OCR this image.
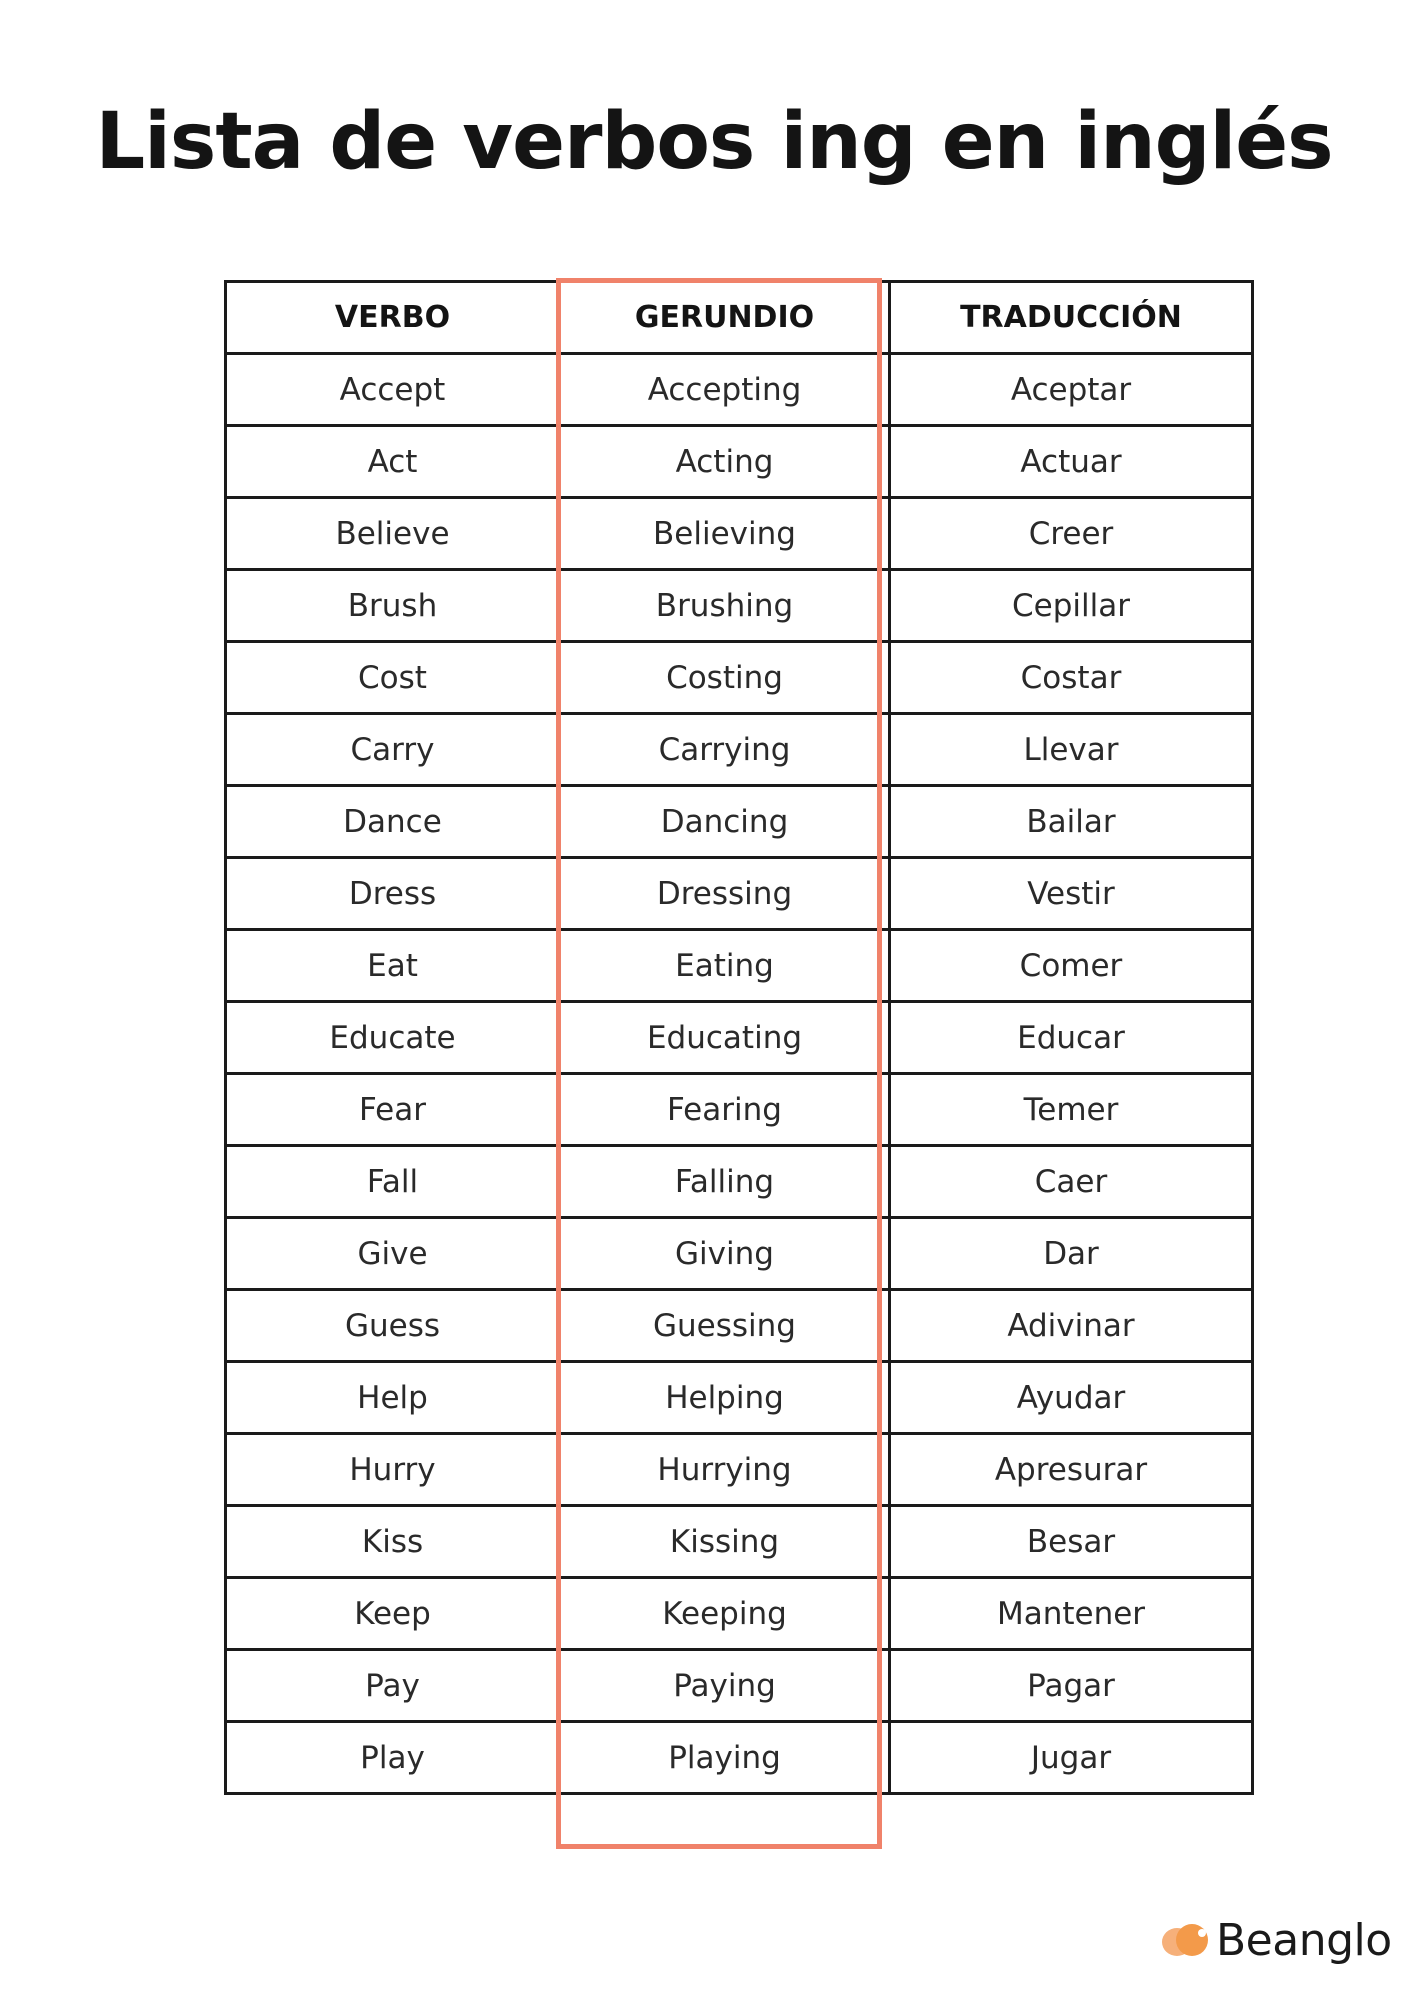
Lista de verbos ing en inglés
VERBO	GERUNDIO	TRADUCCIÓN
Accept	Accepting	Aceptar
Act	Acting	Actuar
Believe	Believing	Creer
Brush	Brushing	Cepillar
Cost	Costing	Costar
Carry	Carrying	Llevar
Dance	Dancing	Bailar
Dress	Dressing	Vestir
Eat	Eating	Comer
Educate	Educating	Educar
Fear	Fearing	Temer
Fall	Falling	Caer
Give	Giving	Dar
Guess	Guessing	Adivinar
Help	Helping	Ayudar
Hurry	Hurrying	Apresurar
Kiss	Kissing	Besar
Keep	Keeping	Mantener
Pay	Paying	Pagar
Play	Playing	Jugar
Beanglo
